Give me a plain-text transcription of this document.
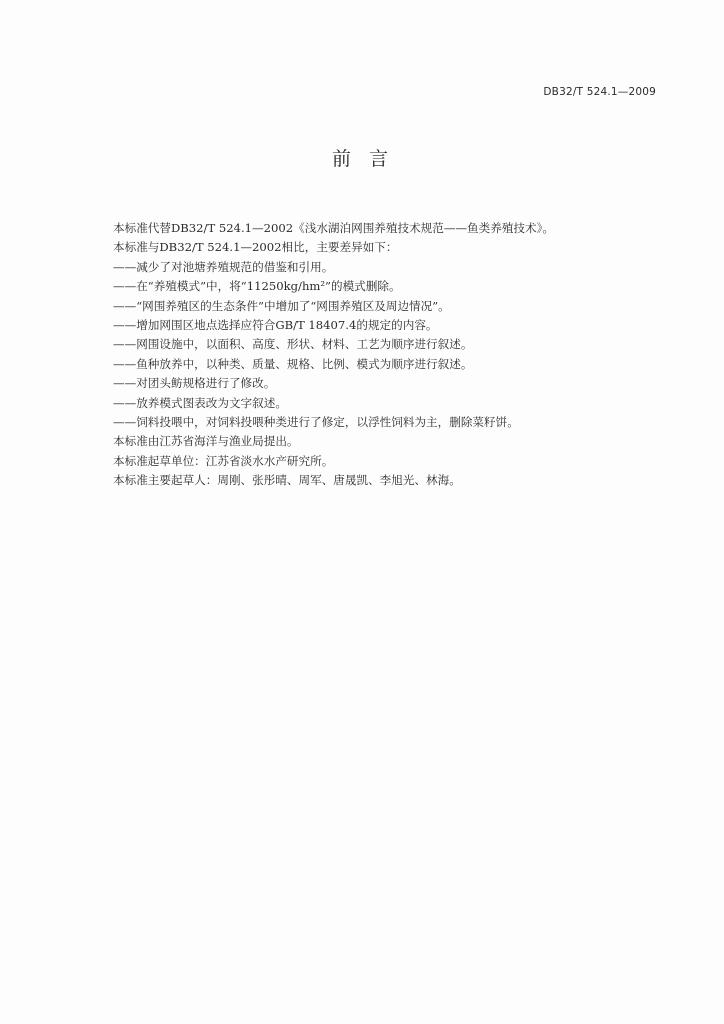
DB32/T 524.1—2009
前言
本标准代替DB32/T 524.1—2002《浅水湖泊网围养殖技术规范——鱼类养殖技术》。
本标准与DB32/T 524.1—2002相比，主要差异如下：
——减少了对池塘养殖规范的借鉴和引用。
——在“养殖模式”中，将“11250kg/hm²”的模式删除。
——“网围养殖区的生态条件”中增加了“网围养殖区及周边情况”。
——增加网围区地点选择应符合GB/T 18407.4的规定的内容。
——网围设施中，以面积、高度、形状、材料、工艺为顺序进行叙述。
——鱼种放养中，以种类、质量、规格、比例、模式为顺序进行叙述。
——对团头鲂规格进行了修改。
——放养模式图表改为文字叙述。
——饲料投喂中，对饲料投喂种类进行了修定，以浮性饲料为主，删除菜籽饼。
本标准由江苏省海洋与渔业局提出。
本标准起草单位：江苏省淡水水产研究所。
本标准主要起草人：周刚、张彤晴、周军、唐晟凯、李旭光、林海。
